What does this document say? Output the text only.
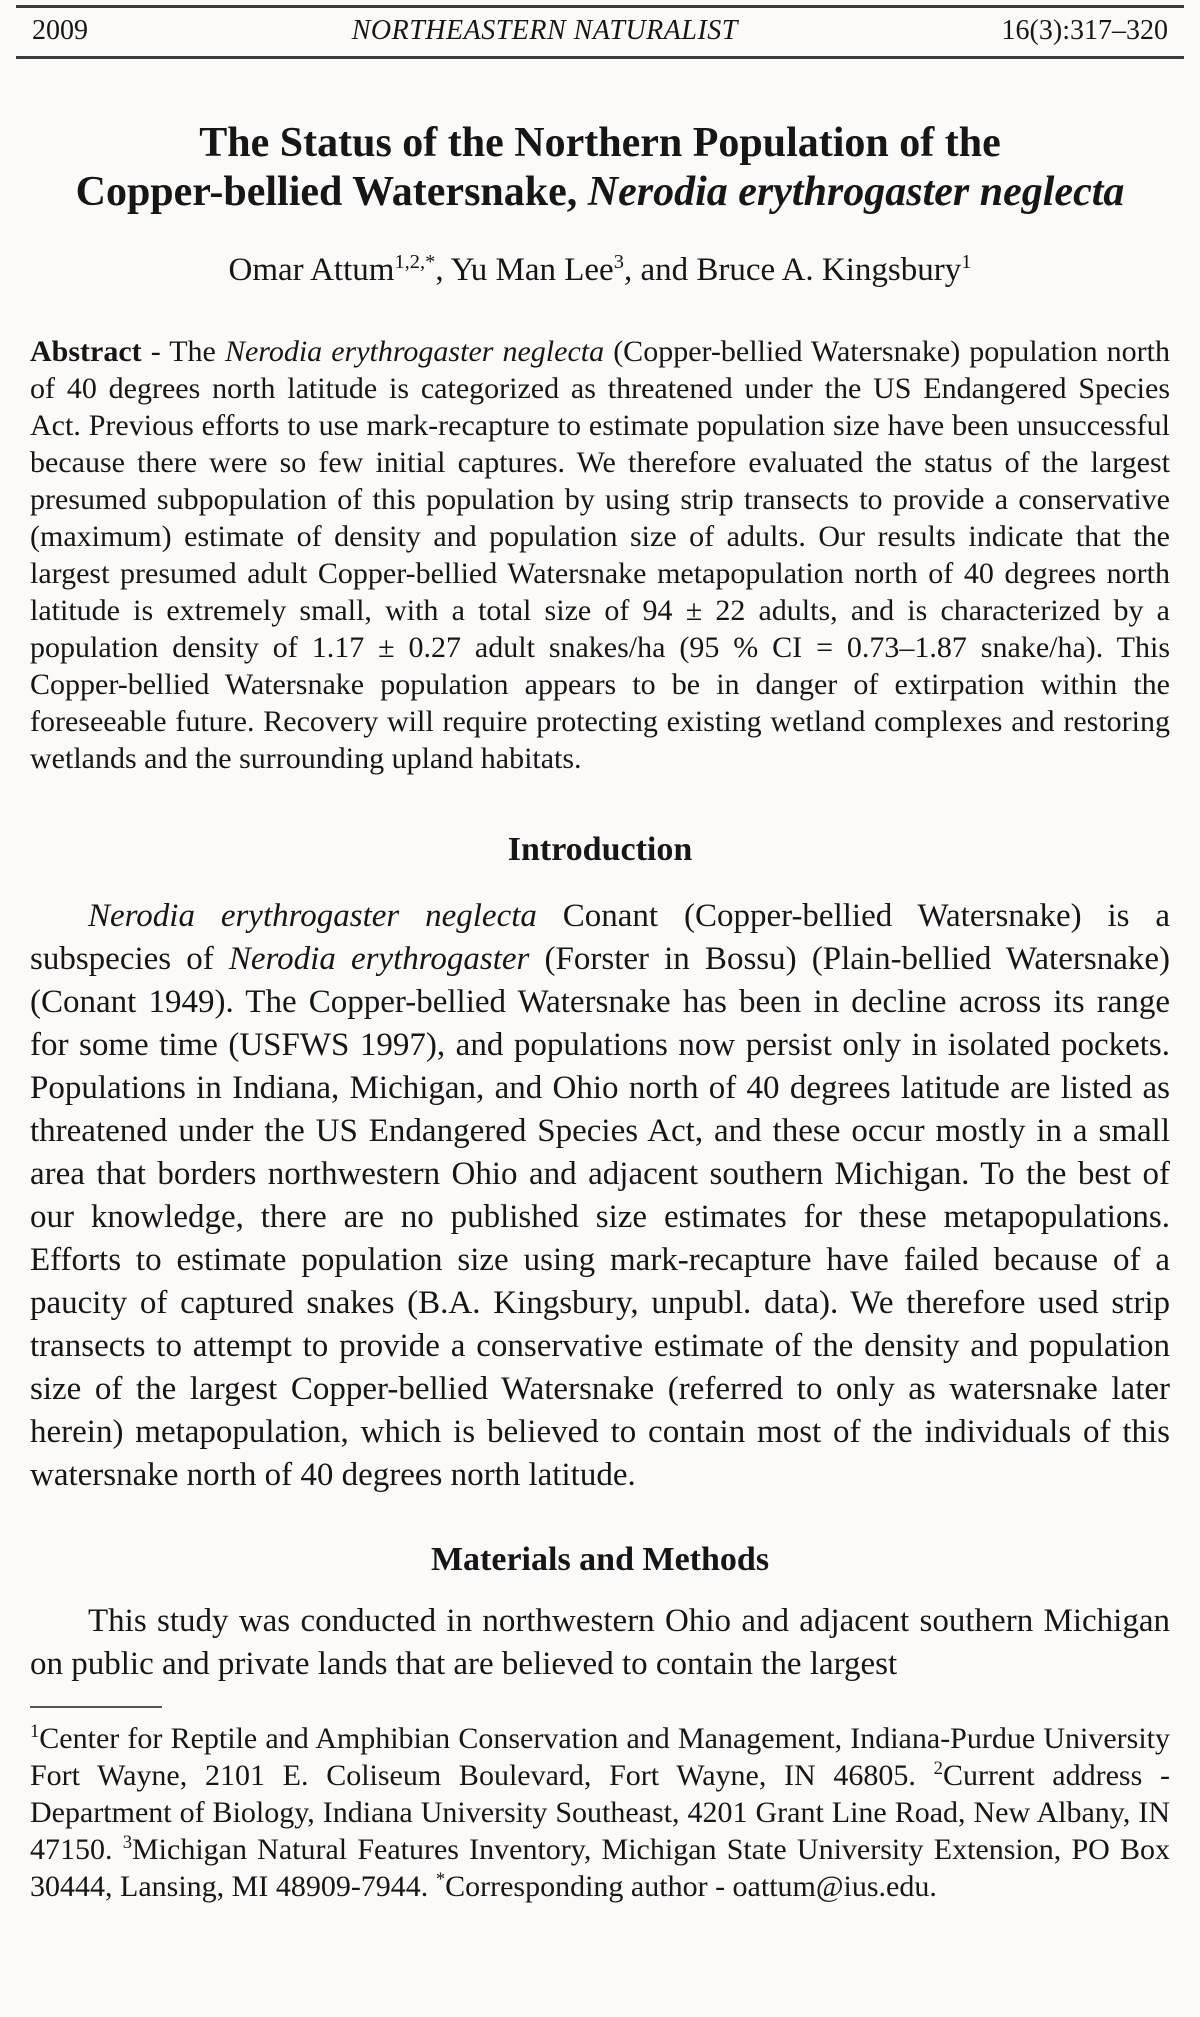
2009	NORTHEASTERN NATURALIST	16(3):317–320
The Status of the Northern Population of the
Copper-bellied Watersnake, Nerodia erythrogaster neglecta
Omar Attum$^{1,2,*}$, Yu Man Lee$^3$, and Bruce A. Kingsbury$^1$

Abstract - The Nerodia erythrogaster neglecta (Copper-bellied Watersnake) population north of 40 degrees north latitude is categorized as threatened under the US Endangered Species Act. Previous efforts to use mark-recapture to estimate population size have been unsuccessful because there were so few initial captures. We therefore evaluated the status of the largest presumed subpopulation of this population by using strip transects to provide a conservative (maximum) estimate of density and population size of adults. Our results indicate that the largest presumed adult Copper-bellied Watersnake metapopulation north of 40 degrees north latitude is extremely small, with a total size of 94 ± 22 adults, and is characterized by a population density of 1.17 ± 0.27 adult snakes/ha (95 % CI = 0.73–1.87 snake/ha). This Copper-bellied Watersnake population appears to be in danger of extirpation within the foreseeable future. Recovery will require protecting existing wetland complexes and restoring wetlands and the surrounding upland habitats.

Introduction

Nerodia erythrogaster neglecta Conant (Copper-bellied Watersnake) is a subspecies of Nerodia erythrogaster (Forster in Bossu) (Plain-bellied Watersnake) (Conant 1949). The Copper-bellied Watersnake has been in decline across its range for some time (USFWS 1997), and populations now persist only in isolated pockets. Populations in Indiana, Michigan, and Ohio north of 40 degrees latitude are listed as threatened under the US Endangered Species Act, and these occur mostly in a small area that borders northwestern Ohio and adjacent southern Michigan. To the best of our knowledge, there are no published size estimates for these metapopulations. Efforts to estimate population size using mark-recapture have failed because of a paucity of captured snakes (B.A. Kingsbury, unpubl. data). We therefore used strip transects to attempt to provide a conservative estimate of the density and population size of the largest Copper-bellied Watersnake (referred to only as watersnake later herein) metapopulation, which is believed to contain most of the individuals of this watersnake north of 40 degrees north latitude.

Materials and Methods

This study was conducted in northwestern Ohio and adjacent southern Michigan on public and private lands that are believed to contain the largest

$^1$Center for Reptile and Amphibian Conservation and Management, Indiana-Purdue University Fort Wayne, 2101 E. Coliseum Boulevard, Fort Wayne, IN 46805. $^2$Current address - Department of Biology, Indiana University Southeast, 4201 Grant Line Road, New Albany, IN 47150. $^3$Michigan Natural Features Inventory, Michigan State University Extension, PO Box 30444, Lansing, MI 48909-7944. *Corresponding author - oattum@ius.edu.
